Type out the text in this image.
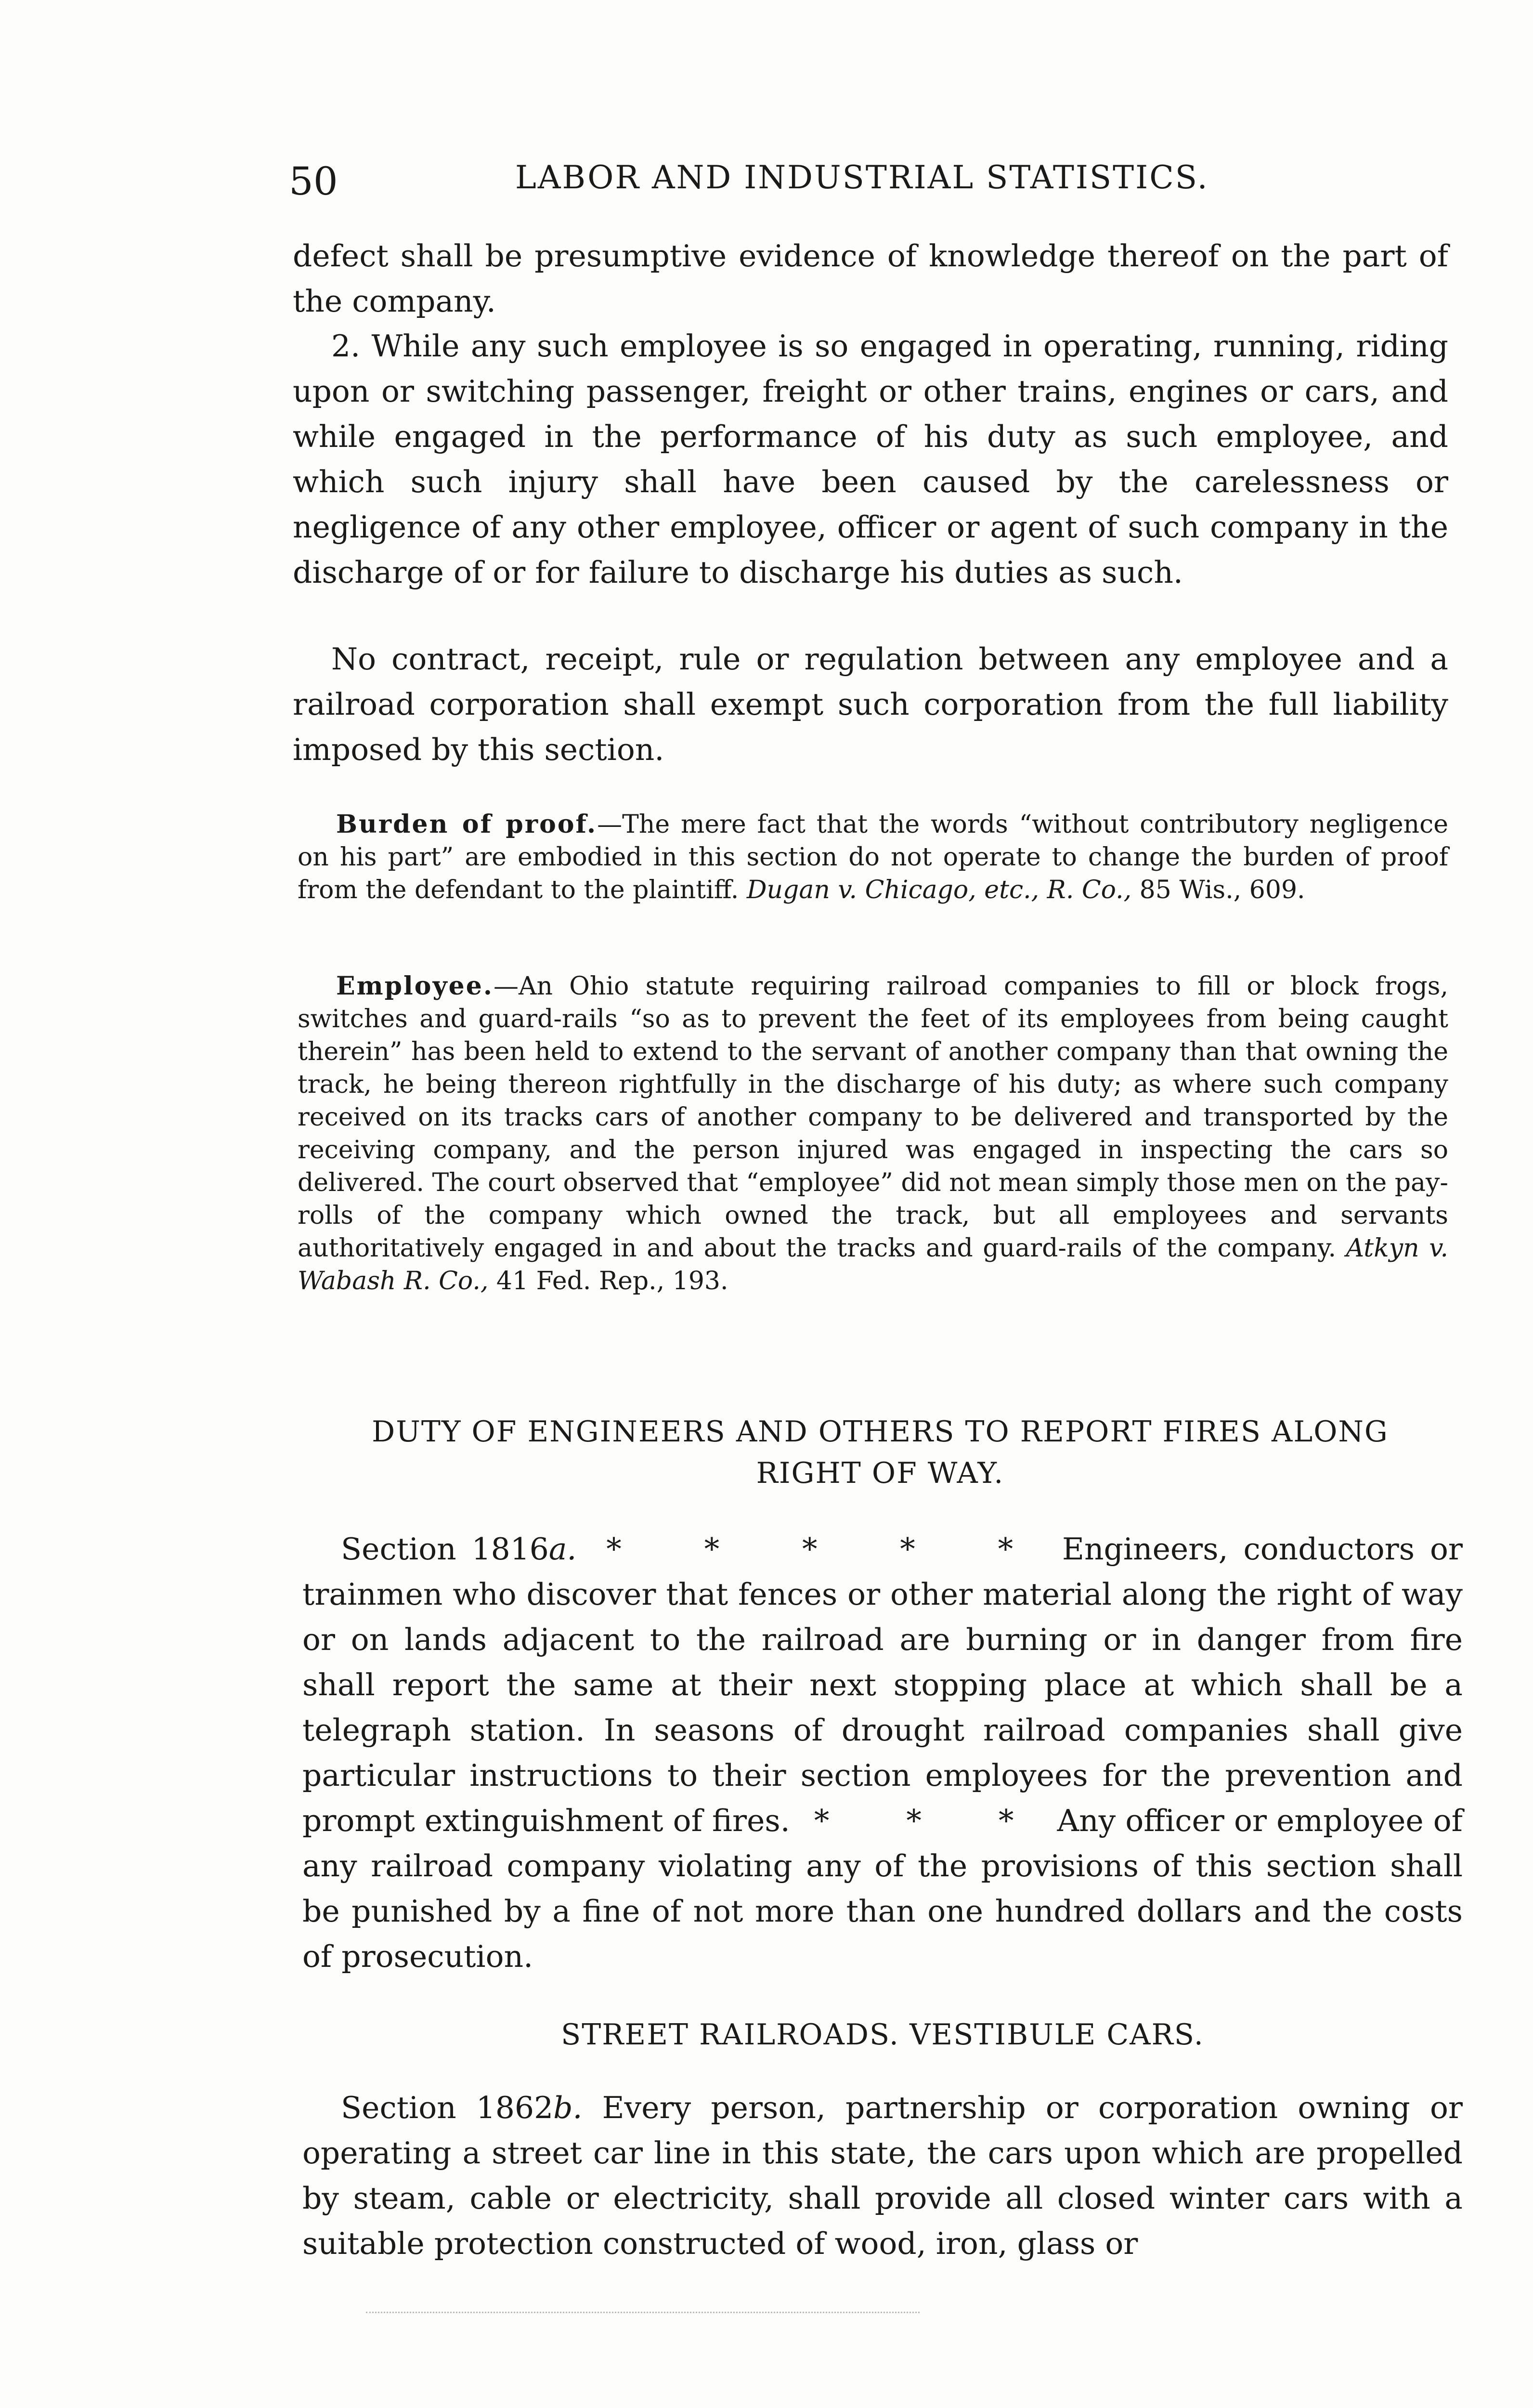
50	LABOR AND INDUSTRIAL STATISTICS.

defect shall be presumptive evidence of knowledge thereof on the part of the company.

2. While any such employee is so engaged in operating, running, riding upon or switching passenger, freight or other trains, engines or cars, and while engaged in the performance of his duty as such employee, and which such injury shall have been caused by the carelessness or negligence of any other employee, officer or agent of such company in the discharge of or for failure to discharge his duties as such.

No contract, receipt, rule or regulation between any employee and a railroad corporation shall exempt such corporation from the full liability imposed by this section.

Burden of proof.—The mere fact that the words “without contributory negligence on his part” are embodied in this section do not operate to change the burden of proof from the defendant to the plaintiff. Dugan v. Chicago, etc., R. Co., 85 Wis., 609.

Employee.—An Ohio statute requiring railroad companies to fill or block frogs, switches and guard-rails “so as to prevent the feet of its employees from being caught therein” has been held to extend to the servant of another company than that owning the track, he being thereon rightfully in the discharge of his duty; as where such company received on its tracks cars of another company to be delivered and transported by the receiving company, and the person injured was engaged in inspecting the cars so delivered. The court observed that “employee” did not mean simply those men on the pay-rolls of the company which owned the track, but all employees and servants authoritatively engaged in and about the tracks and guard-rails of the company. Atkyn v. Wabash R. Co., 41 Fed. Rep., 193.

DUTY OF ENGINEERS AND OTHERS TO REPORT FIRES ALONG
RIGHT OF WAY.

Section 1816a. * * * * * Engineers, conductors or trainmen who discover that fences or other material along the right of way or on lands adjacent to the railroad are burning or in danger from fire shall report the same at their next stopping place at which shall be a telegraph station. In seasons of drought railroad companies shall give particular instructions to their section employees for the prevention and prompt extinguishment of fires. * * * Any officer or employee of any railroad company violating any of the provisions of this section shall be punished by a fine of not more than one hundred dollars and the costs of prosecution.

STREET RAILROADS. VESTIBULE CARS.

Section 1862b. Every person, partnership or corporation owning or operating a street car line in this state, the cars upon which are propelled by steam, cable or electricity, shall provide all closed winter cars with a suitable protection constructed of wood, iron, glass or
